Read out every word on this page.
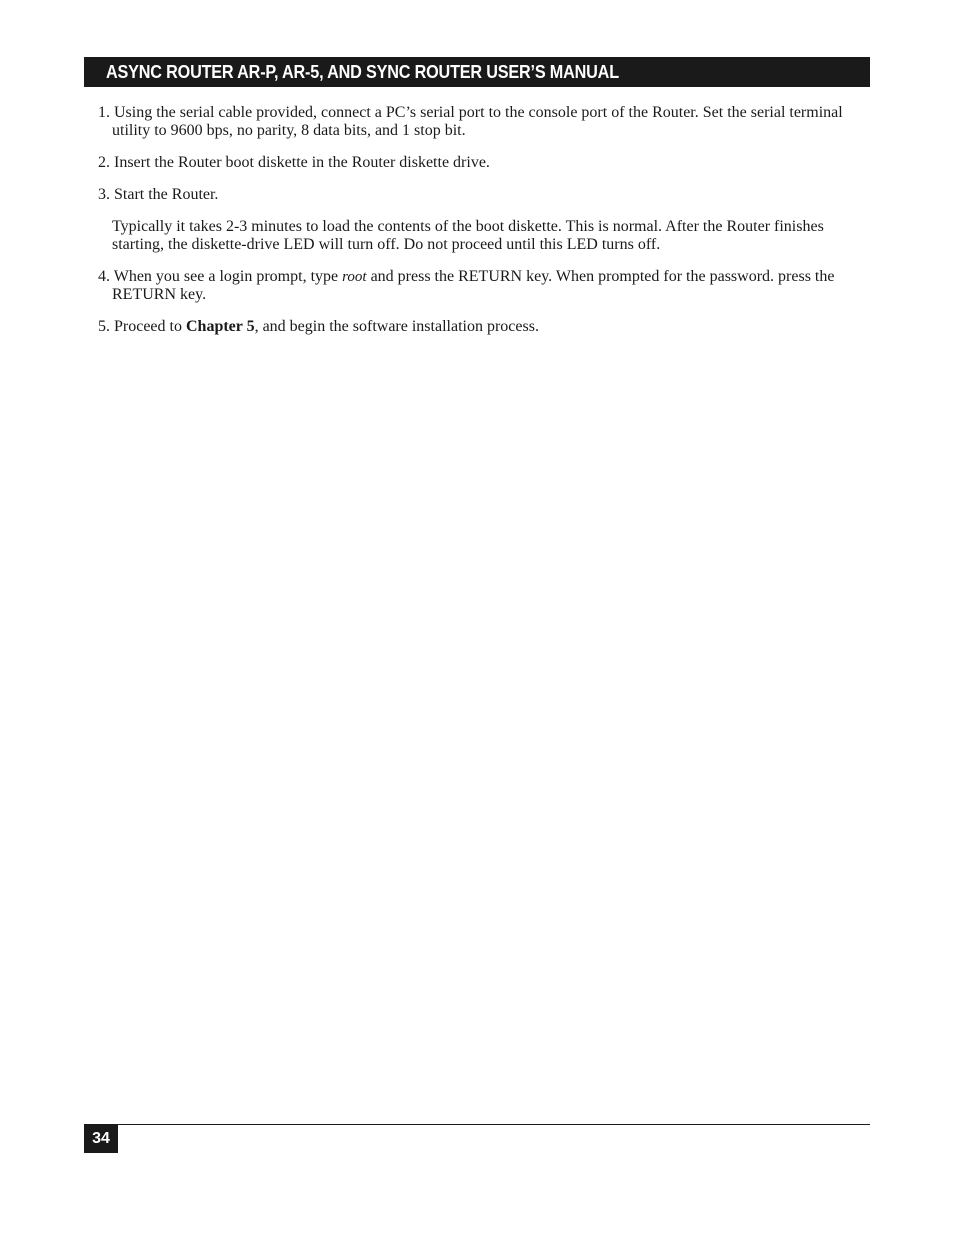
ASYNC ROUTER AR-P, AR-5, AND SYNC ROUTER USER’S MANUAL

1. Using the serial cable provided, connect a PC’s serial port to the console port of the Router. Set the serial terminal utility to 9600 bps, no parity, 8 data bits, and 1 stop bit.

2. Insert the Router boot diskette in the Router diskette drive.

3. Start the Router.

Typically it takes 2-3 minutes to load the contents of the boot diskette. This is normal. After the Router finishes starting, the diskette-drive LED will turn off. Do not proceed until this LED turns off.

4. When you see a login prompt, type root and press the RETURN key. When prompted for the password. press the RETURN key.

5. Proceed to Chapter 5, and begin the software installation process.

34
